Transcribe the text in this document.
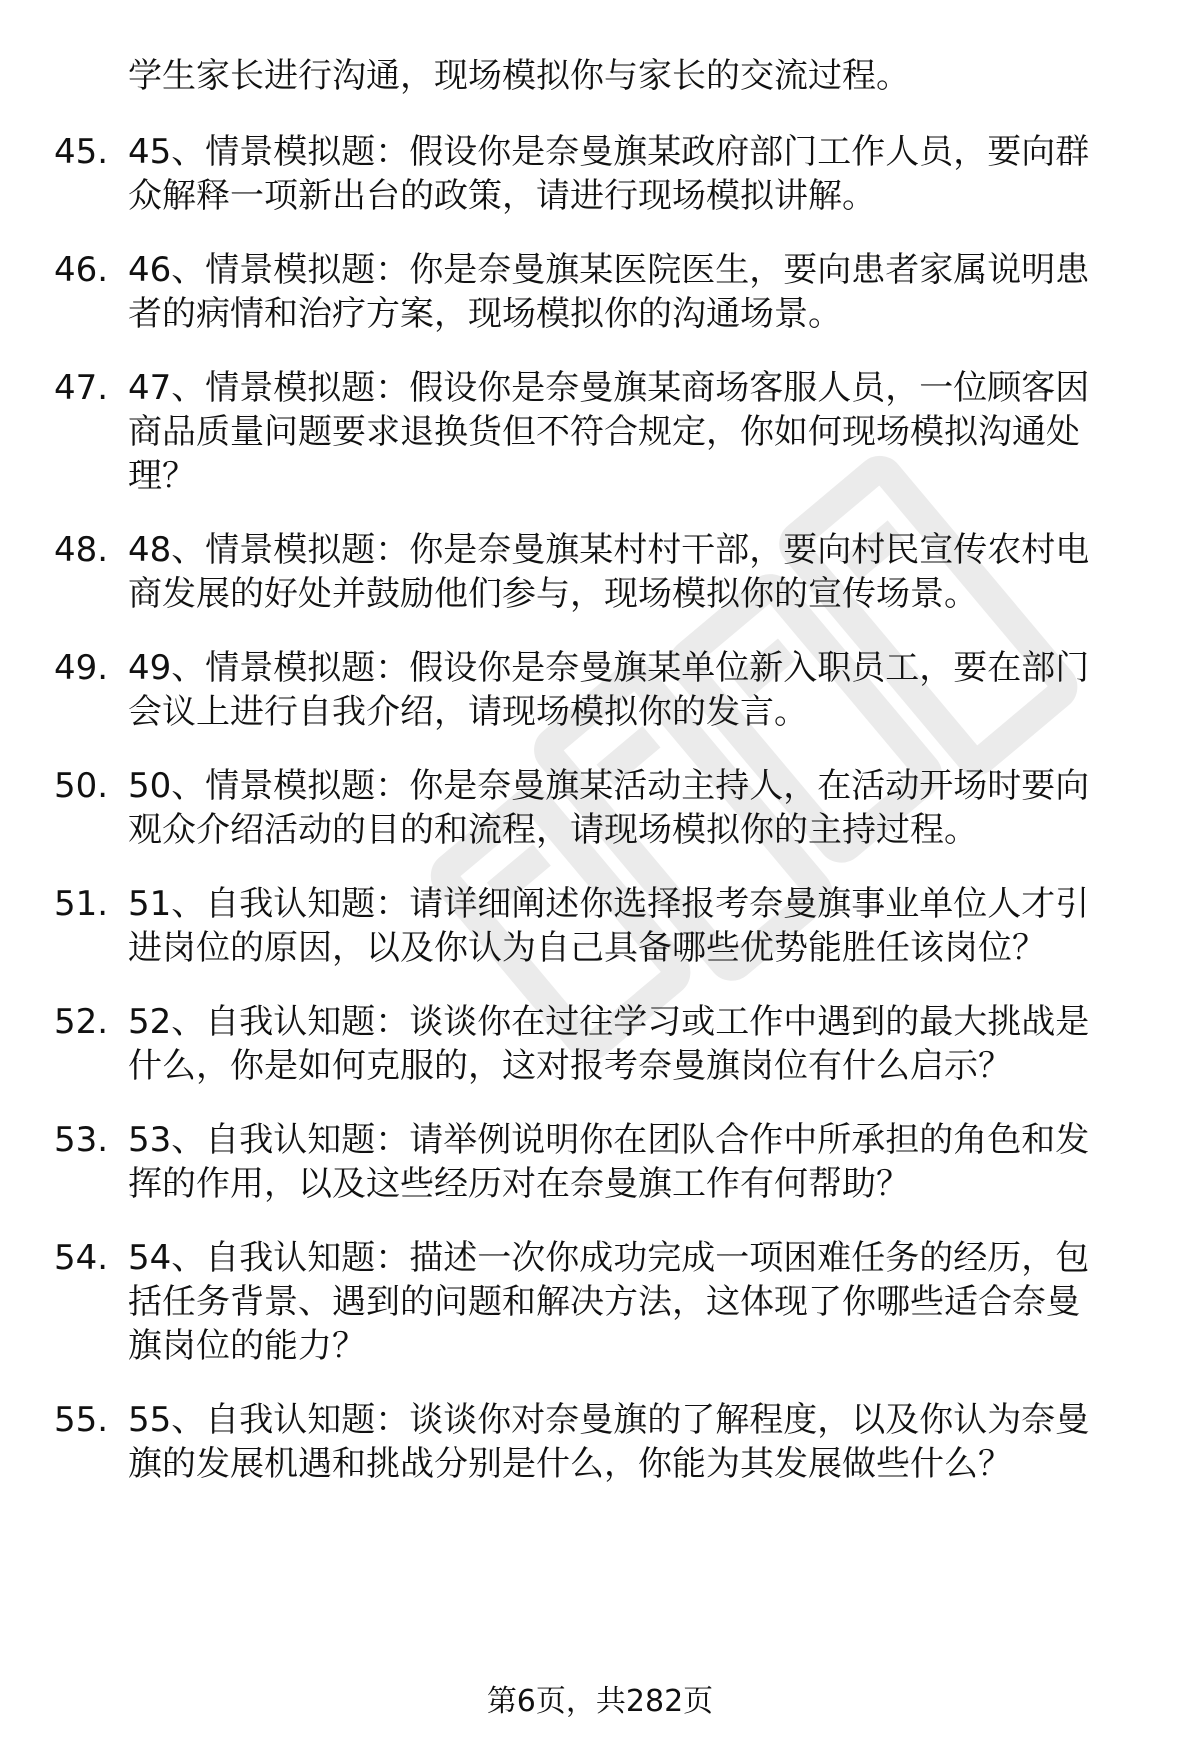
学生家长进行沟通，现场模拟你与家长的交流过程。
45. 45、情景模拟题：假设你是奈曼旗某政府部门工作人员，要向群
众解释一项新出台的政策，请进行现场模拟讲解。
46. 46、情景模拟题：你是奈曼旗某医院医生，要向患者家属说明患
者的病情和治疗方案，现场模拟你的沟通场景。
47. 47、情景模拟题：假设你是奈曼旗某商场客服人员，一位顾客因
商品质量问题要求退换货但不符合规定，你如何现场模拟沟通处
理？
48. 48、情景模拟题：你是奈曼旗某村村干部，要向村民宣传农村电
商发展的好处并鼓励他们参与，现场模拟你的宣传场景。
49. 49、情景模拟题：假设你是奈曼旗某单位新入职员工，要在部门
会议上进行自我介绍，请现场模拟你的发言。
50. 50、情景模拟题：你是奈曼旗某活动主持人，在活动开场时要向
观众介绍活动的目的和流程，请现场模拟你的主持过程。
51. 51、自我认知题：请详细阐述你选择报考奈曼旗事业单位人才引
进岗位的原因，以及你认为自己具备哪些优势能胜任该岗位？
52. 52、自我认知题：谈谈你在过往学习或工作中遇到的最大挑战是
什么，你是如何克服的，这对报考奈曼旗岗位有什么启示？
53. 53、自我认知题：请举例说明你在团队合作中所承担的角色和发
挥的作用，以及这些经历对在奈曼旗工作有何帮助？
54. 54、自我认知题：描述一次你成功完成一项困难任务的经历，包
括任务背景、遇到的问题和解决方法，这体现了你哪些适合奈曼
旗岗位的能力？
55. 55、自我认知题：谈谈你对奈曼旗的了解程度，以及你认为奈曼
旗的发展机遇和挑战分别是什么，你能为其发展做些什么？
第6页，共282页
